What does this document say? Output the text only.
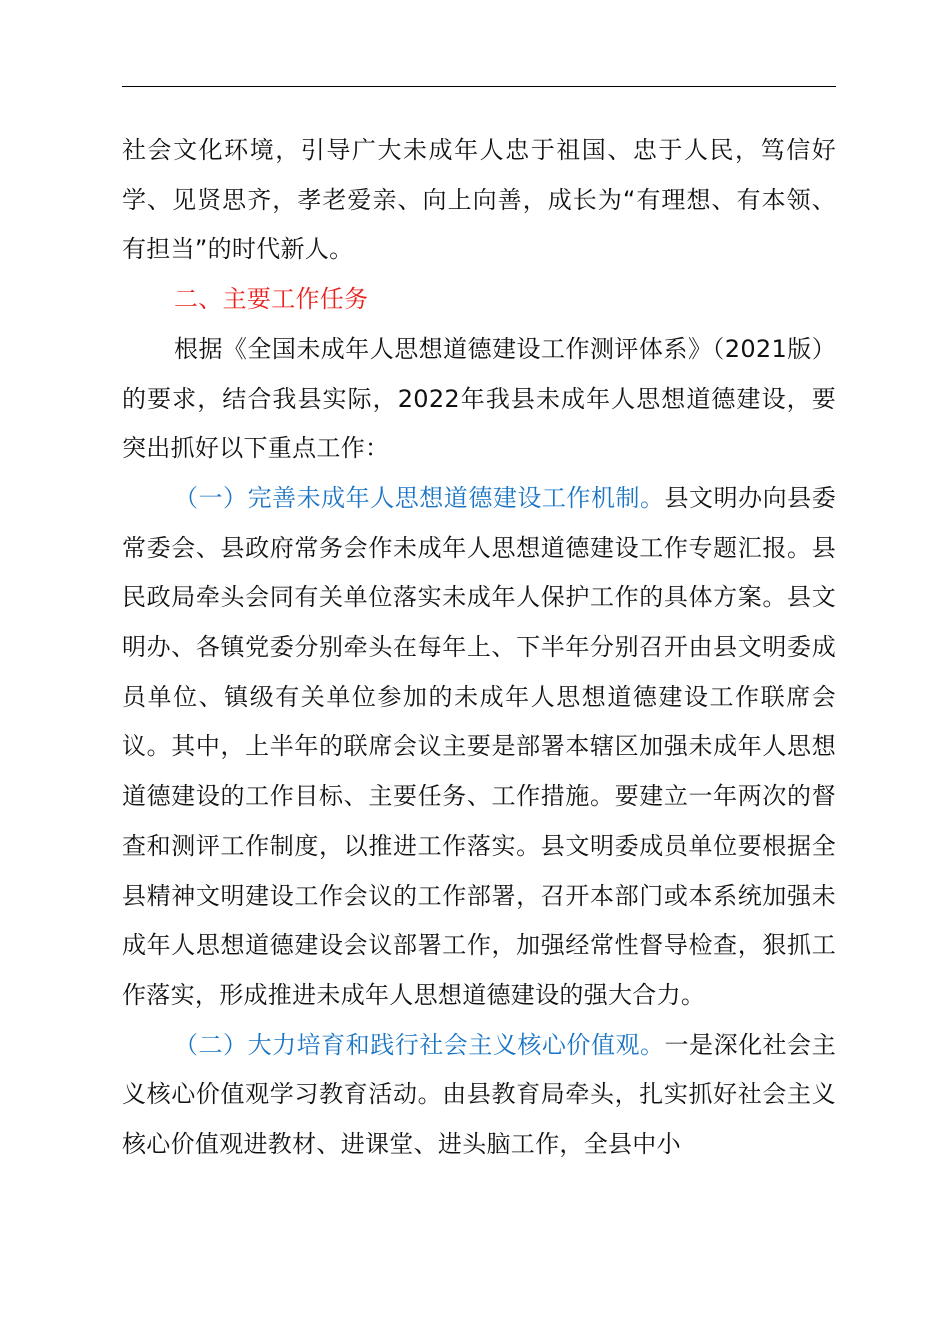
社会文化环境，引导广大未成年人忠于祖国、忠于人民，笃信好学、见贤思齐，孝老爱亲、向上向善，成长为“有理想、有本领、有担当”的时代新人。

二、主要工作任务

根据《全国未成年人思想道德建设工作测评体系》（2021版）的要求，结合我县实际，2022年我县未成年人思想道德建设，要突出抓好以下重点工作：

（一）完善未成年人思想道德建设工作机制。县文明办向县委常委会、县政府常务会作未成年人思想道德建设工作专题汇报。县民政局牵头会同有关单位落实未成年人保护工作的具体方案。县文明办、各镇党委分别牵头在每年上、下半年分别召开由县文明委成员单位、镇级有关单位参加的未成年人思想道德建设工作联席会议。其中，上半年的联席会议主要是部署本辖区加强未成年人思想道德建设的工作目标、主要任务、工作措施。要建立一年两次的督查和测评工作制度，以推进工作落实。县文明委成员单位要根据全县精神文明建设工作会议的工作部署，召开本部门或本系统加强未成年人思想道德建设会议部署工作，加强经常性督导检查，狠抓工作落实，形成推进未成年人思想道德建设的强大合力。

（二）大力培育和践行社会主义核心价值观。一是深化社会主义核心价值观学习教育活动。由县教育局牵头，扎实抓好社会主义核心价值观进教材、进课堂、进头脑工作，全县中小
